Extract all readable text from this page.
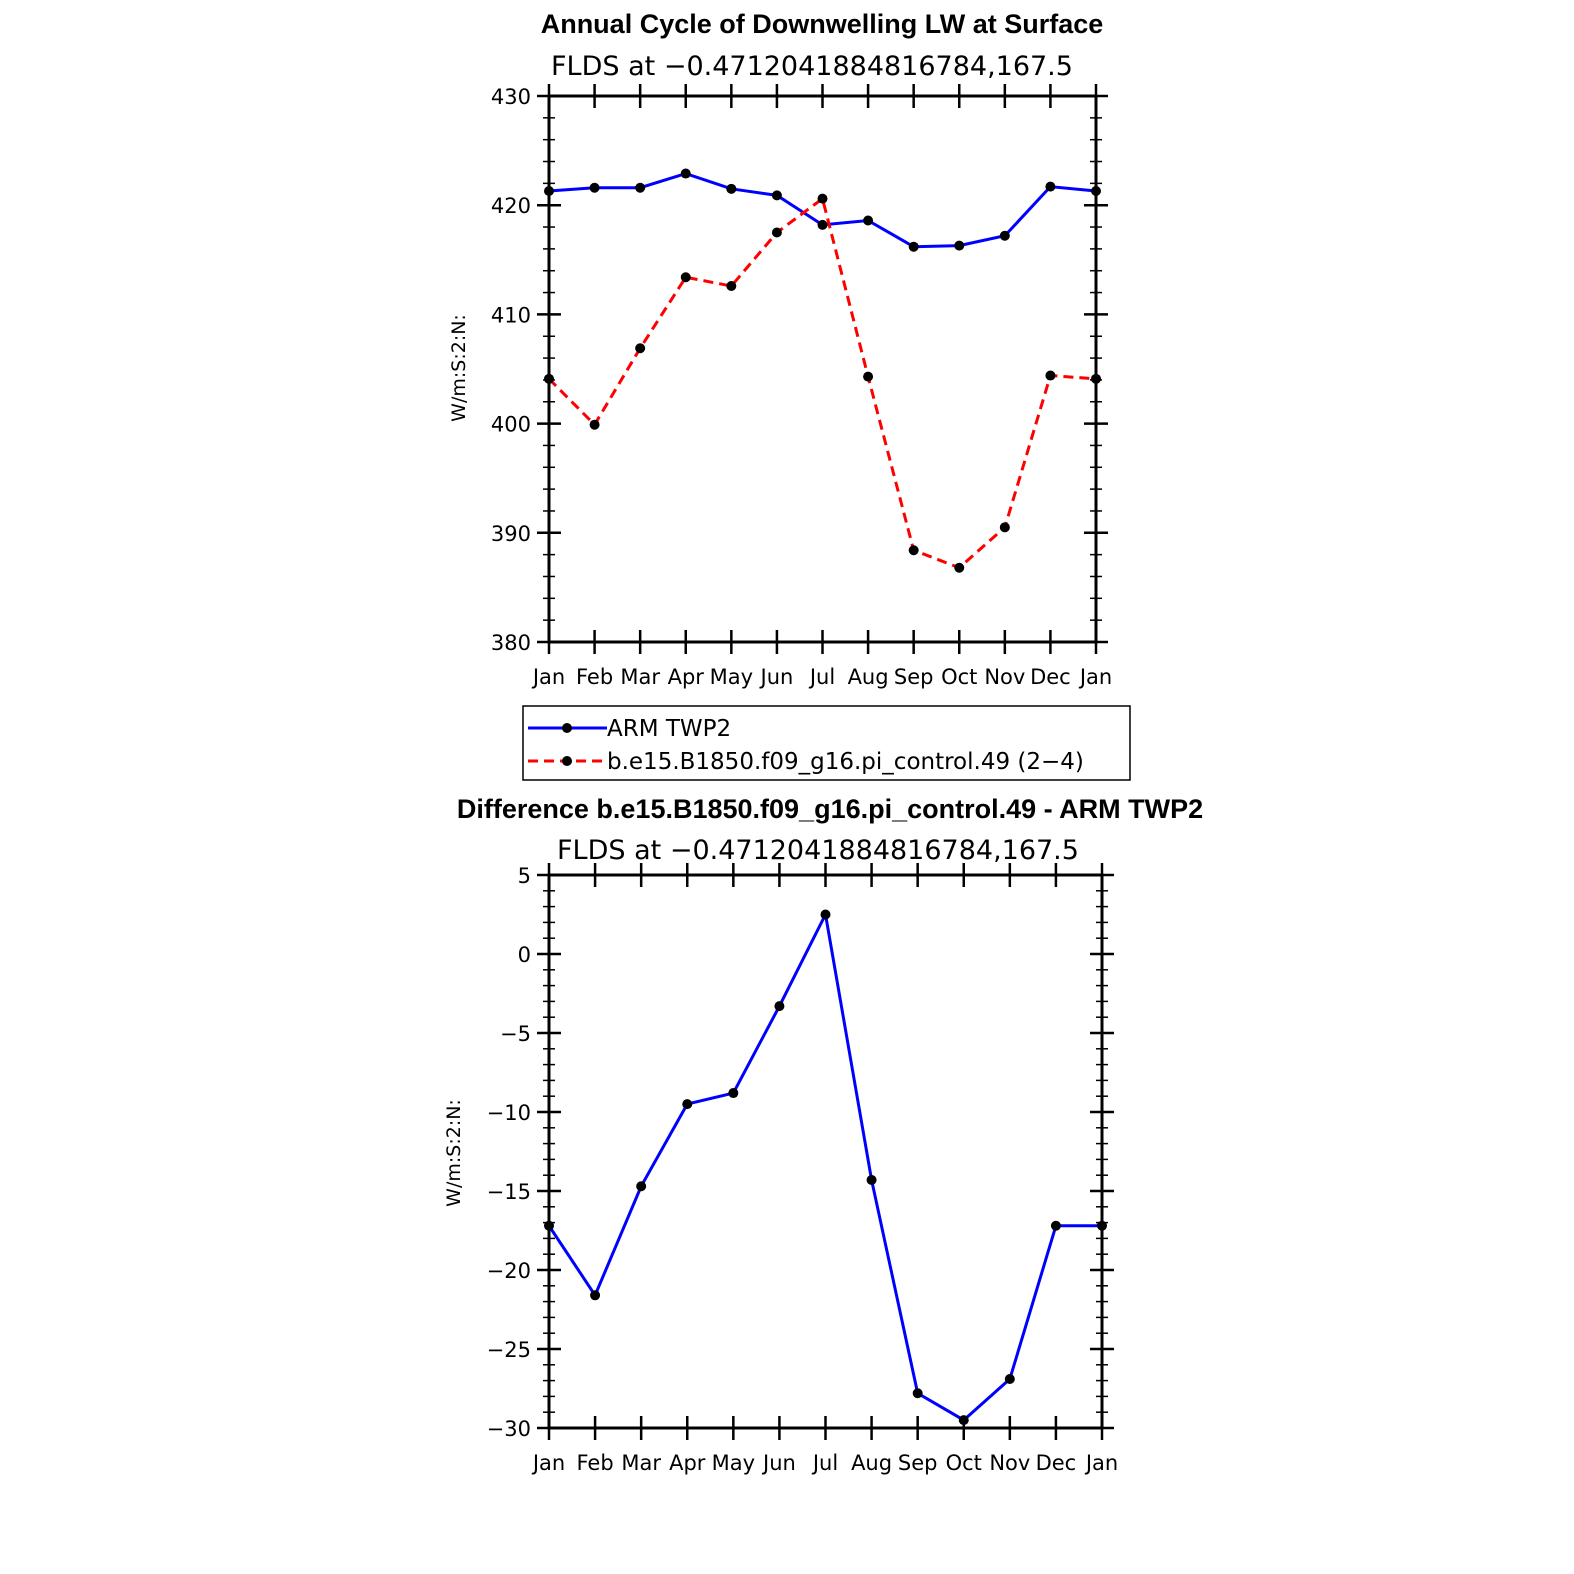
Annual Cycle of Downwelling LW at Surface
FLDS at −0.4712041884816784,167.5
W/m:S:2:N:
380
390
400
410
420
430
Jan Feb Mar Apr May Jun Jul Aug Sep Oct Nov Dec Jan
ARM TWP2
b.e15.B1850.f09_g16.pi_control.49 (2−4)
Difference b.e15.B1850.f09_g16.pi_control.49 - ARM TWP2
FLDS at −0.4712041884816784,167.5
W/m:S:2:N:
5
0
−5
−10
−15
−20
−25
−30
Jan Feb Mar Apr May Jun Jul Aug Sep Oct Nov Dec Jan
